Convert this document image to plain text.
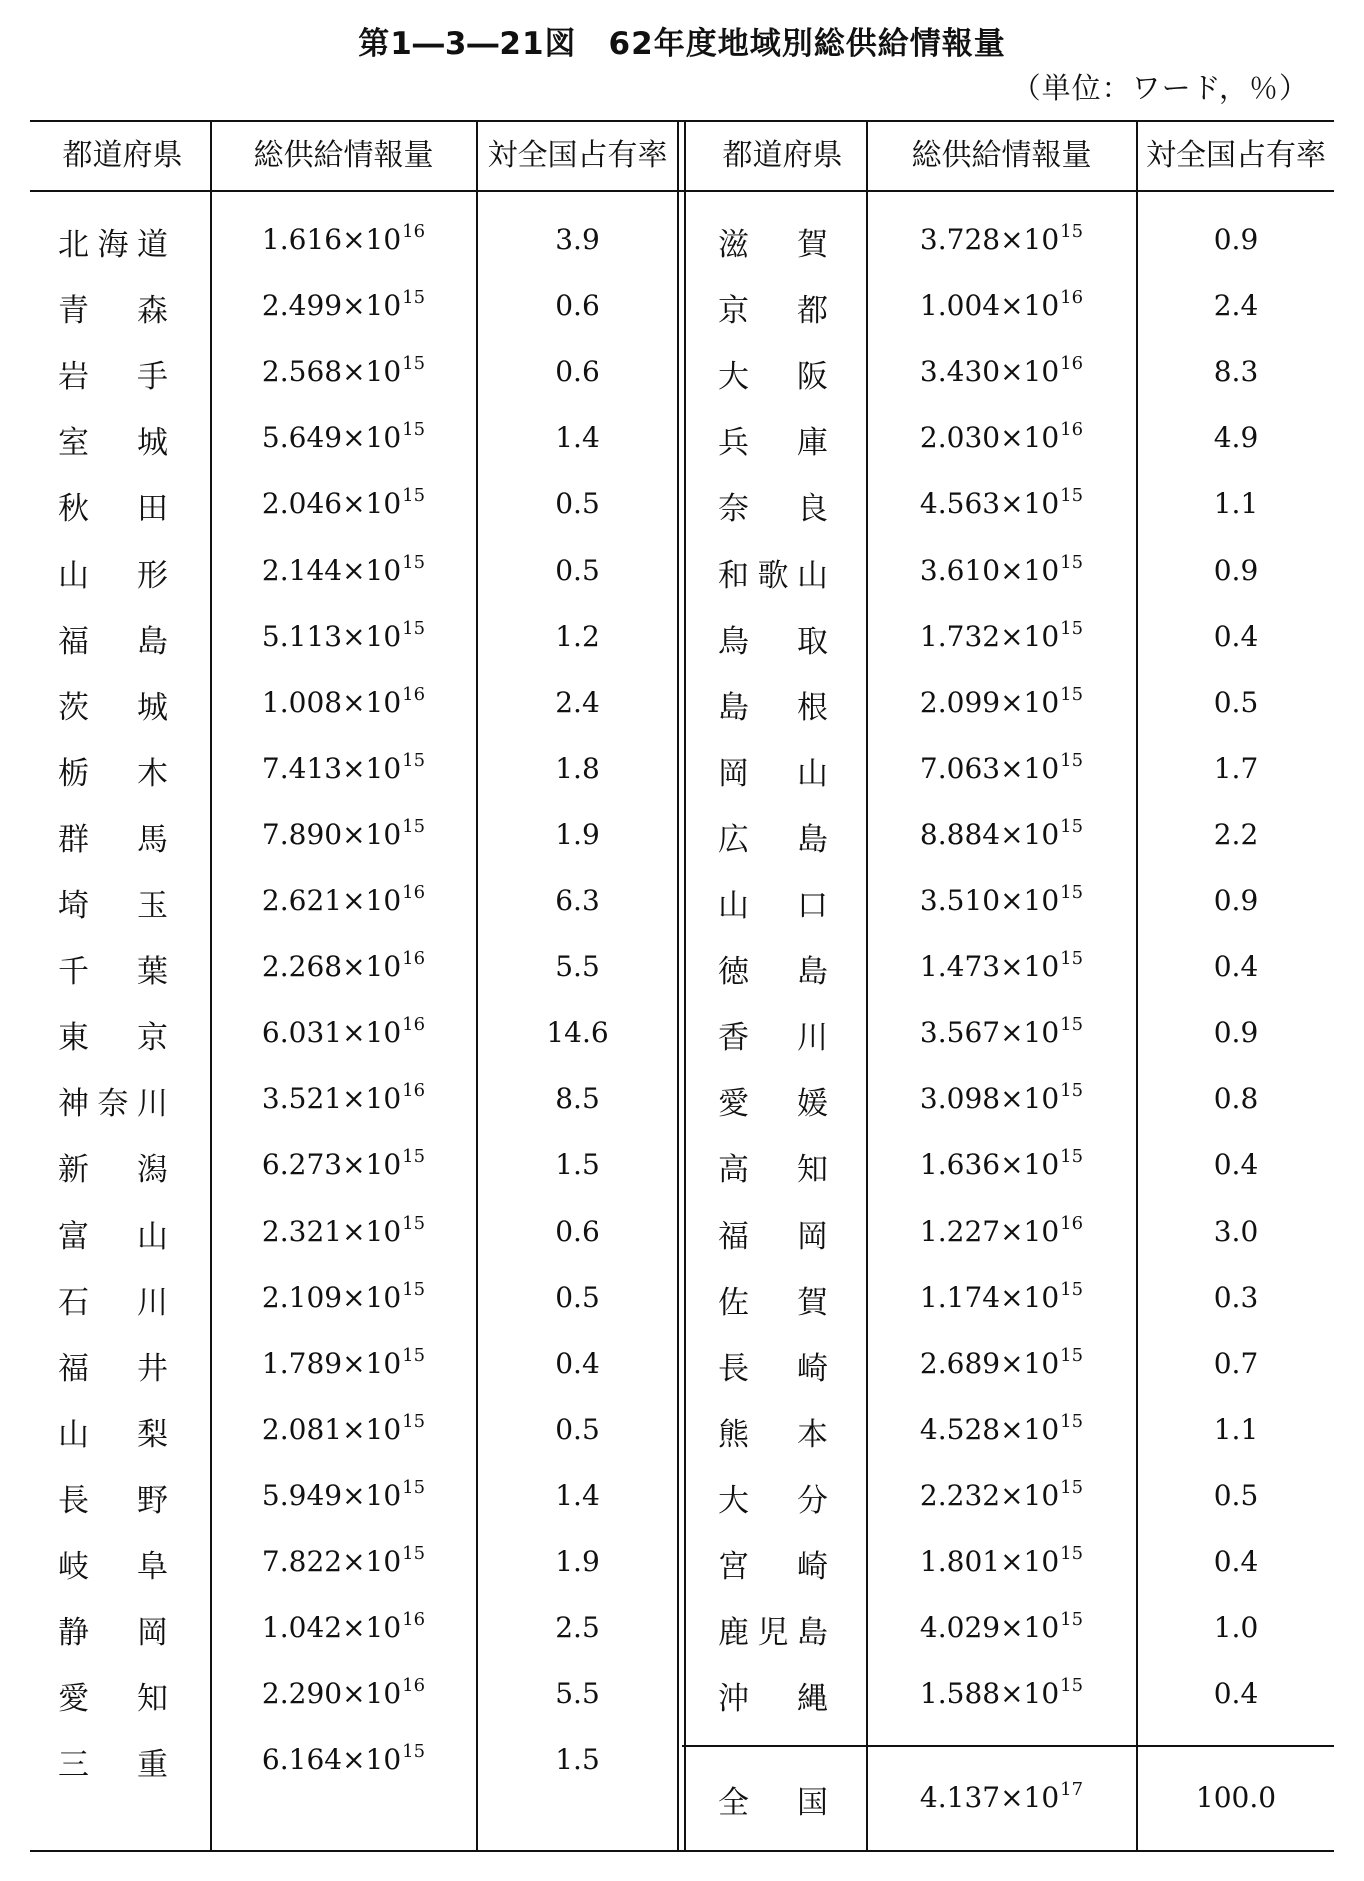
第1―3―21図　62年度地域別総供給情報量
（単位：ワード，％）
都道府県	総供給情報量	対全国占有率	都道府県	総供給情報量	対全国占有率
北 海 道	$1.616\times 10^{16}$	3.9
青 森	$2.499\times 10^{15}$	0.6
岩 手	$2.568\times 10^{15}$	0.6
室 城	$5.649\times 10^{15}$	1.4
秋 田	$2.046\times 10^{15}$	0.5
山 形	$2.144\times 10^{15}$	0.5
福 島	$5.113\times 10^{15}$	1.2
茨 城	$1.008\times 10^{16}$	2.4
栃 木	$7.413\times 10^{15}$	1.8
群 馬	$7.890\times 10^{15}$	1.9
埼 玉	$2.621\times 10^{16}$	6.3
千 葉	$2.268\times 10^{16}$	5.5
東 京	$6.031\times 10^{16}$	14.6
神 奈 川	$3.521\times 10^{16}$	8.5
新 潟	$6.273\times 10^{15}$	1.5
富 山	$2.321\times 10^{15}$	0.6
石 川	$2.109\times 10^{15}$	0.5
福 井	$1.789\times 10^{15}$	0.4
山 梨	$2.081\times 10^{15}$	0.5
長 野	$5.949\times 10^{15}$	1.4
岐 阜	$7.822\times 10^{15}$	1.9
静 岡	$1.042\times 10^{16}$	2.5
愛 知	$2.290\times 10^{16}$	5.5
三 重	$6.164\times 10^{15}$	1.5
滋 賀	$3.728\times 10^{15}$	0.9
京 都	$1.004\times 10^{16}$	2.4
大 阪	$3.430\times 10^{16}$	8.3
兵 庫	$2.030\times 10^{16}$	4.9
奈 良	$4.563\times 10^{15}$	1.1
和 歌 山	$3.610\times 10^{15}$	0.9
鳥 取	$1.732\times 10^{15}$	0.4
島 根	$2.099\times 10^{15}$	0.5
岡 山	$7.063\times 10^{15}$	1.7
広 島	$8.884\times 10^{15}$	2.2
山 口	$3.510\times 10^{15}$	0.9
徳 島	$1.473\times 10^{15}$	0.4
香 川	$3.567\times 10^{15}$	0.9
愛 媛	$3.098\times 10^{15}$	0.8
高 知	$1.636\times 10^{15}$	0.4
福 岡	$1.227\times 10^{16}$	3.0
佐 賀	$1.174\times 10^{15}$	0.3
長 崎	$2.689\times 10^{15}$	0.7
熊 本	$4.528\times 10^{15}$	1.1
大 分	$2.232\times 10^{15}$	0.5
宮 崎	$1.801\times 10^{15}$	0.4
鹿 児 島	$4.029\times 10^{15}$	1.0
沖 縄	$1.588\times 10^{15}$	0.4
全 国	$4.137\times 10^{17}$	100.0
